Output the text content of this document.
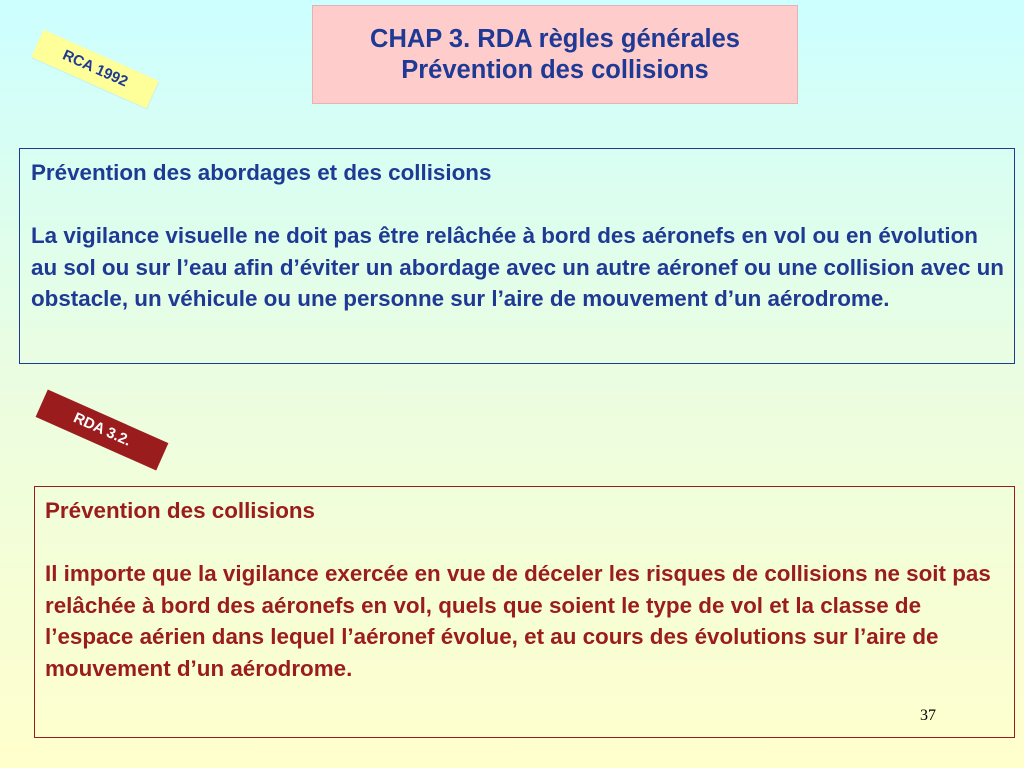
CHAP 3. RDA règles générales
Prévention des collisions
RCA 1992

Prévention des abordages et des collisions

La vigilance visuelle ne doit pas être relâchée à bord des aéronefs en vol ou en évolution au sol ou sur l’eau afin d’éviter un abordage avec un autre aéronef ou une collision avec un obstacle, un véhicule ou une personne sur l’aire de mouvement d’un aérodrome.

RDA 3.2.

Prévention des collisions

Il importe que la vigilance exercée en vue de déceler les risques de collisions ne soit pas relâchée à bord des aéronefs en vol, quels que soient le type de vol et la classe de l’espace aérien dans lequel l’aéronef évolue, et au cours des évolutions sur l’aire de mouvement d’un aérodrome.

37
